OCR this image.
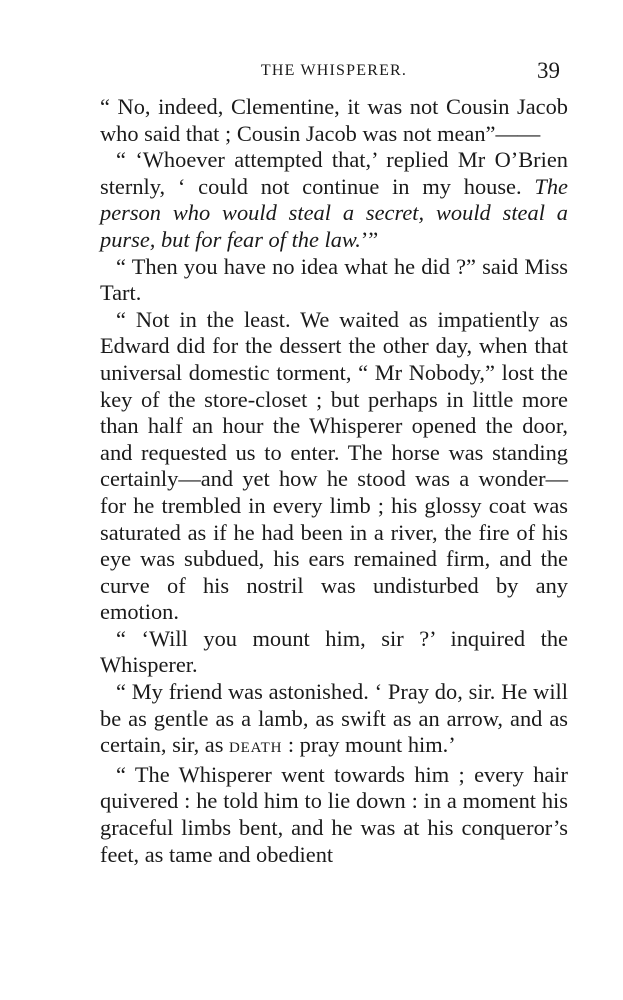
THE WHISPERER.	39

“ No, indeed, Clementine, it was not Cousin Jacob who said that ; Cousin Jacob was not mean”——

“ ‘Whoever attempted that,’ replied Mr O’Brien sternly, ‘ could not continue in my house. The person who would steal a secret, would steal a purse, but for fear of the law.’”

“ Then you have no idea what he did ?” said Miss Tart.

“ Not in the least. We waited as impatiently as Edward did for the dessert the other day, when that universal domestic torment, “ Mr Nobody,” lost the key of the store-closet ; but perhaps in little more than half an hour the Whisperer opened the door, and requested us to enter. The horse was standing certainly—and yet how he stood was a wonder—for he trembled in every limb ; his glossy coat was saturated as if he had been in a river, the fire of his eye was subdued, his ears remained firm, and the curve of his nostril was undisturbed by any emotion.

“ ‘Will you mount him, sir ?’ inquired the Whisperer.

“ My friend was astonished. ‘ Pray do, sir. He will be as gentle as a lamb, as swift as an arrow, and as certain, sir, as DEATH : pray mount him.’

“ The Whisperer went towards him ; every hair quivered : he told him to lie down : in a moment his graceful limbs bent, and he was at his conqueror’s feet, as tame and obedient
